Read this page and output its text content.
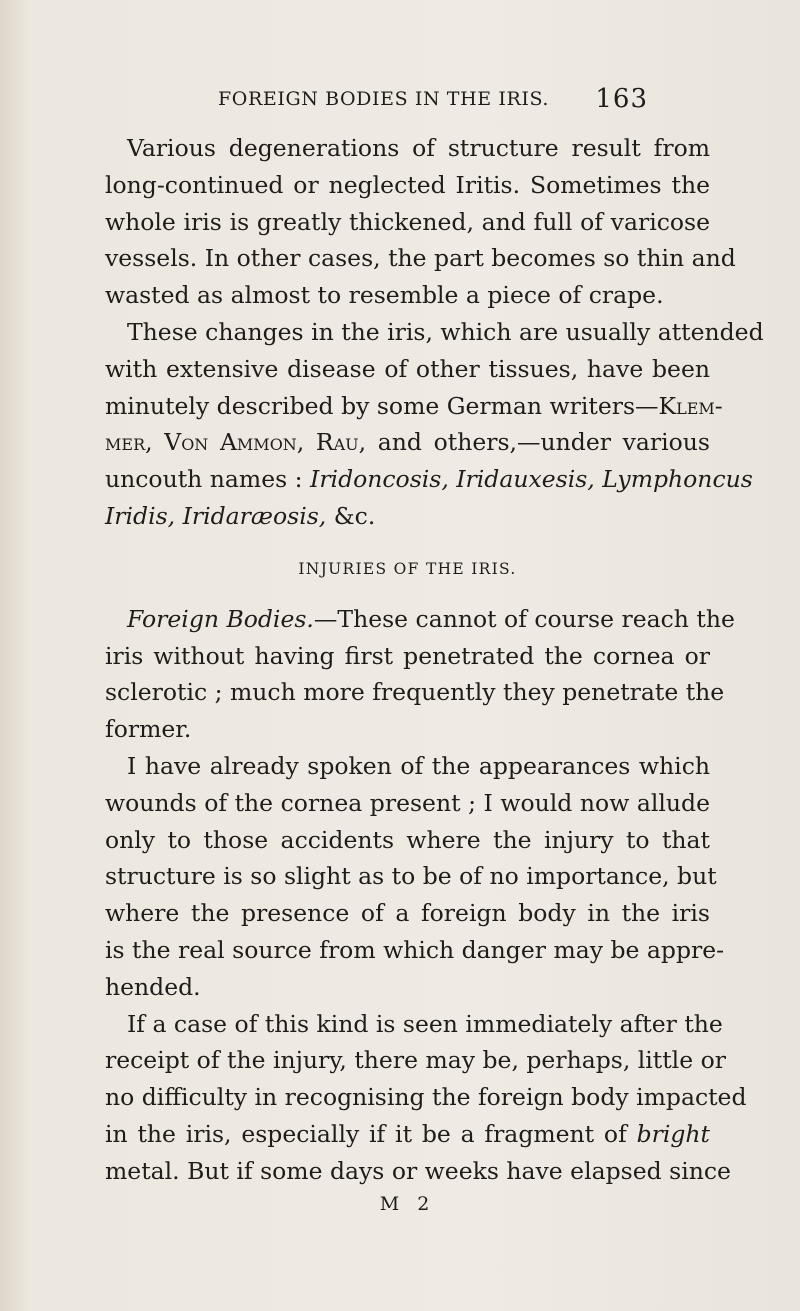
FOREIGN BODIES IN THE IRIS. 163

Various degenerations of structure result from
long-continued or neglected Iritis. Sometimes the
whole iris is greatly thickened, and full of varicose
vessels. In other cases, the part becomes so thin and
wasted as almost to resemble a piece of crape.

These changes in the iris, which are usually attended
with extensive disease of other tissues, have been
minutely described by some German writers—Klem-
mer, Von Ammon, Rau, and others,—under various
uncouth names : Iridoncosis, Iridauxesis, Lymphoncus
Iridis, Iridaræosis, &c.

INJURIES OF THE IRIS.

Foreign Bodies.—These cannot of course reach the
iris without having first penetrated the cornea or
sclerotic ; much more frequently they penetrate the
former.

I have already spoken of the appearances which
wounds of the cornea present ; I would now allude
only to those accidents where the injury to that
structure is so slight as to be of no importance, but
where the presence of a foreign body in the iris
is the real source from which danger may be appre-
hended.

If a case of this kind is seen immediately after the
receipt of the injury, there may be, perhaps, little or
no difficulty in recognising the foreign body impacted
in the iris, especially if it be a fragment of bright
metal. But if some days or weeks have elapsed since

M 2
